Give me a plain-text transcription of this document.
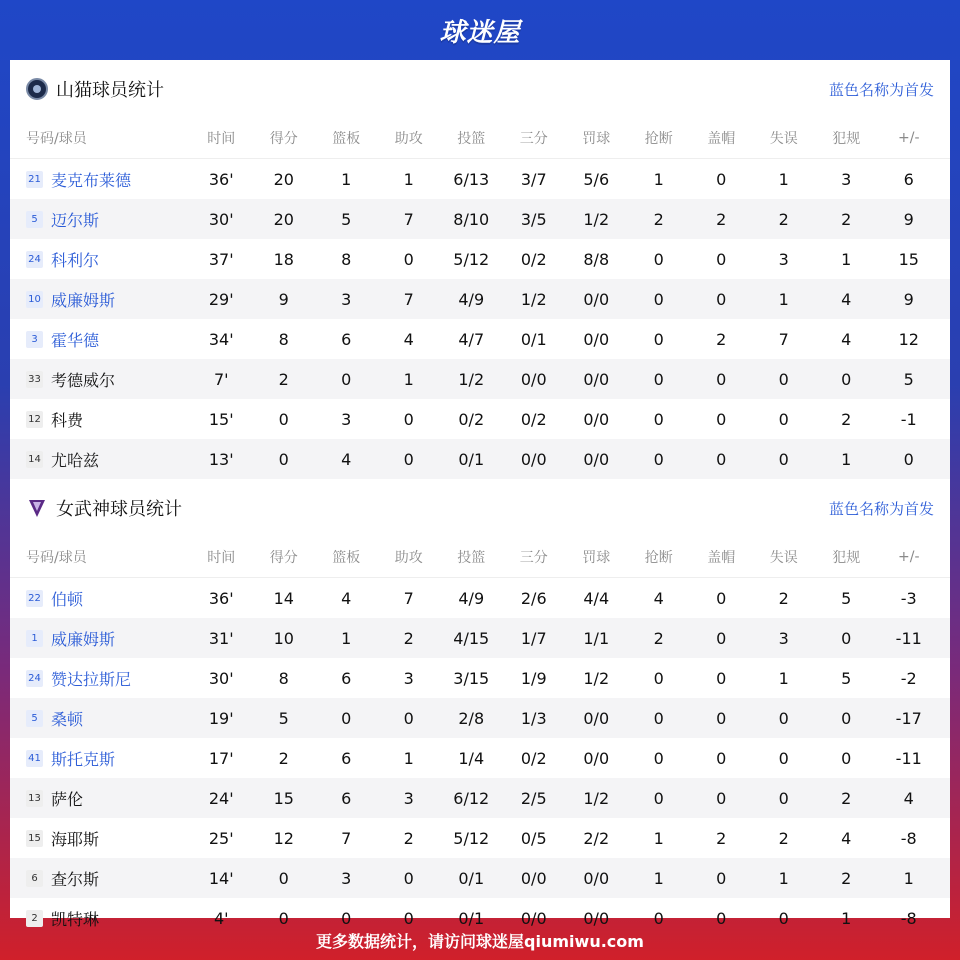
球迷屋
山猫球员统计	蓝色名称为首发
号码/球员	时间	得分	篮板	助攻	投篮	三分	罚球	抢断	盖帽	失误	犯规	+/-
21 麦克布莱德	36'	20	1	1	6/13	3/7	5/6	1	0	1	3	6
5 迈尔斯	30'	20	5	7	8/10	3/5	1/2	2	2	2	2	9
24 科利尔	37'	18	8	0	5/12	0/2	8/8	0	0	3	1	15
10 威廉姆斯	29'	9	3	7	4/9	1/2	0/0	0	0	1	4	9
3 霍华德	34'	8	6	4	4/7	0/1	0/0	0	2	7	4	12
33 考德威尔	7'	2	0	1	1/2	0/0	0/0	0	0	0	0	5
12 科费	15'	0	3	0	0/2	0/2	0/0	0	0	0	2	-1
14 尤哈兹	13'	0	4	0	0/1	0/0	0/0	0	0	0	1	0
女武神球员统计	蓝色名称为首发
号码/球员	时间	得分	篮板	助攻	投篮	三分	罚球	抢断	盖帽	失误	犯规	+/-
22 伯顿	36'	14	4	7	4/9	2/6	4/4	4	0	2	5	-3
1 威廉姆斯	31'	10	1	2	4/15	1/7	1/1	2	0	3	0	-11
24 赞达拉斯尼	30'	8	6	3	3/15	1/9	1/2	0	0	1	5	-2
5 桑顿	19'	5	0	0	2/8	1/3	0/0	0	0	0	0	-17
41 斯托克斯	17'	2	6	1	1/4	0/2	0/0	0	0	0	0	-11
13 萨伦	24'	15	6	3	6/12	2/5	1/2	0	0	0	2	4
15 海耶斯	25'	12	7	2	5/12	0/5	2/2	1	2	2	4	-8
6 查尔斯	14'	0	3	0	0/1	0/0	0/0	1	0	1	2	1
2 凯特琳	4'	0	0	0	0/1	0/0	0/0	0	0	0	1	-8
更多数据统计，请访问球迷屋qiumiwu.com
